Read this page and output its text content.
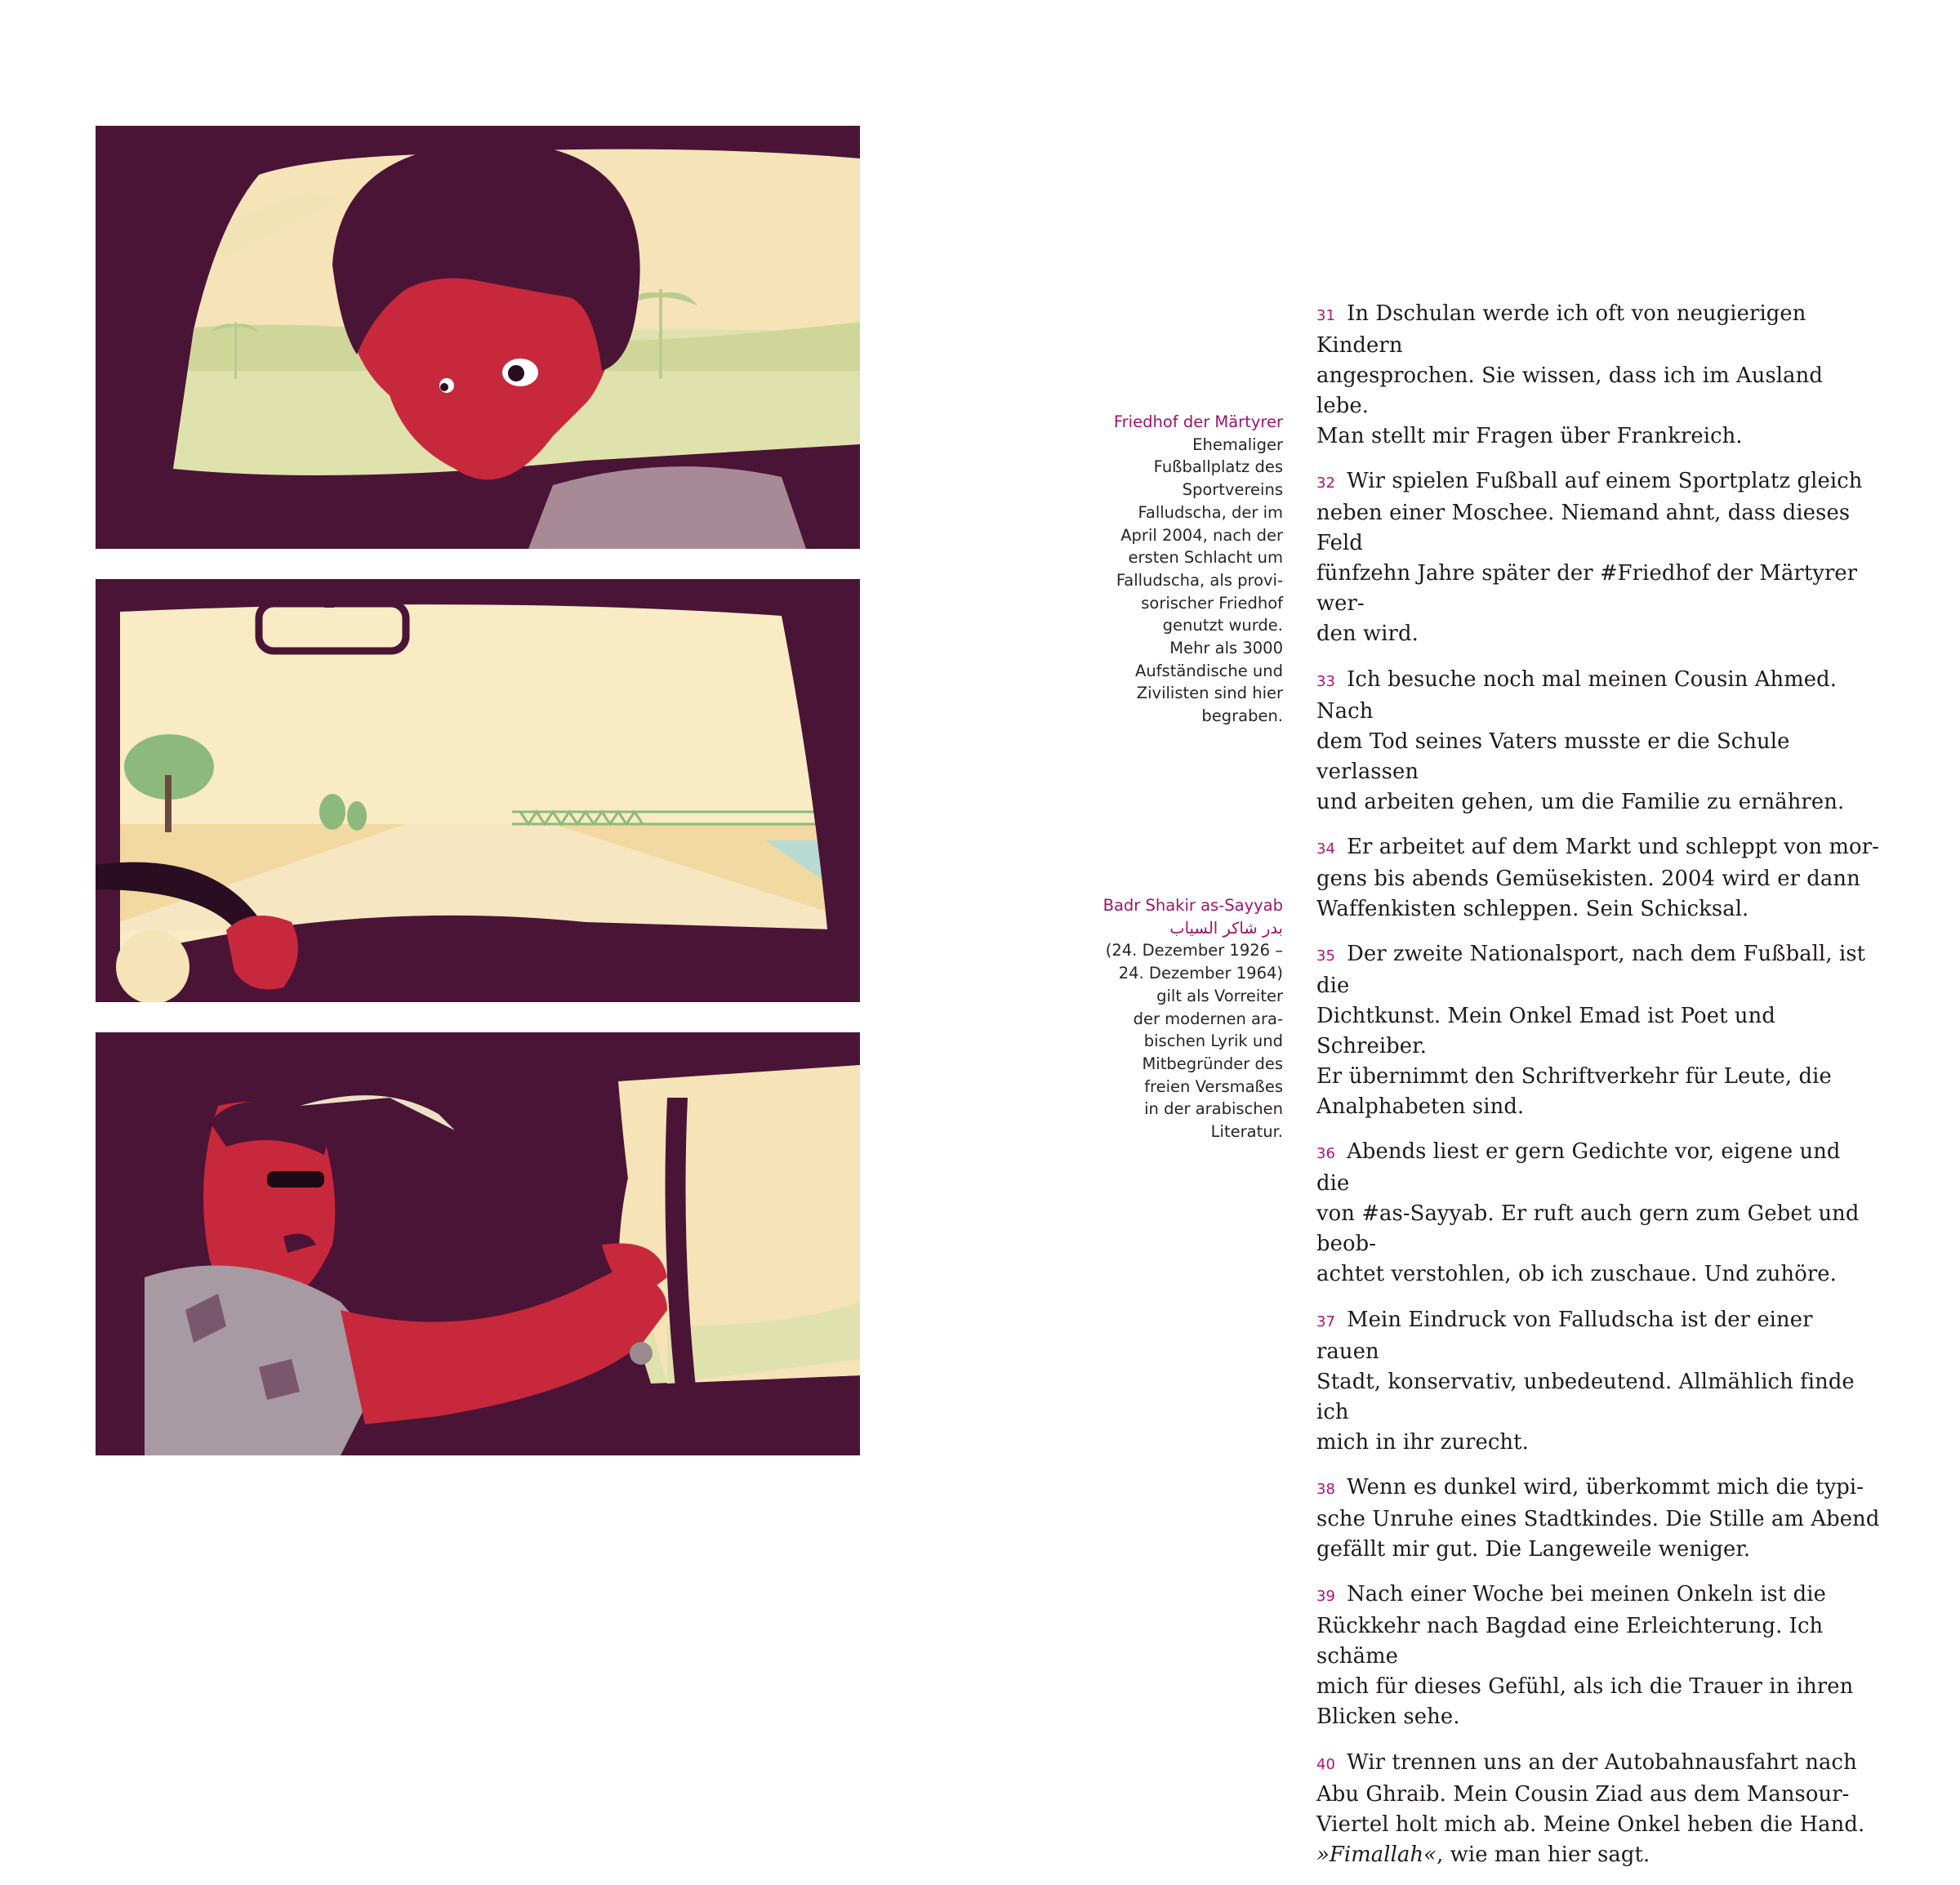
Friedhof der Märtyrer
Ehemaliger
Fußballplatz des
Sportvereins
Falludscha, der im
April 2004, nach der
ersten Schlacht um
Falludscha, als provi-
sorischer Friedhof
genutzt wurde.
Mehr als 3000
Aufständische und
Zivilisten sind hier
begraben.
Badr Shakir as-Sayyab
بدر شاكر السياب
(24. Dezember 1926 –
24. Dezember 1964)
gilt als Vorreiter
der modernen ara-
bischen Lyrik und
Mitbegründer des
freien Versmaßes
in der arabischen
Literatur.
31 In Dschulan werde ich oft von neugierigen Kindern
angesprochen. Sie wissen, dass ich im Ausland lebe.
Man stellt mir Fragen über Frankreich.
32 Wir spielen Fußball auf einem Sportplatz gleich
neben einer Moschee. Niemand ahnt, dass dieses Feld
fünfzehn Jahre später der #Friedhof der Märtyrer wer-
den wird.
33 Ich besuche noch mal meinen Cousin Ahmed. Nach
dem Tod seines Vaters musste er die Schule verlassen
und arbeiten gehen, um die Familie zu ernähren.
34 Er arbeitet auf dem Markt und schleppt von mor-
gens bis abends Gemüsekisten. 2004 wird er dann
Waffenkisten schleppen. Sein Schicksal.
35 Der zweite Nationalsport, nach dem Fußball, ist die
Dichtkunst. Mein Onkel Emad ist Poet und Schreiber.
Er übernimmt den Schriftverkehr für Leute, die
Analphabeten sind.
36 Abends liest er gern Gedichte vor, eigene und die
von #as-Sayyab. Er ruft auch gern zum Gebet und beob-
achtet verstohlen, ob ich zuschaue. Und zuhöre.
37 Mein Eindruck von Falludscha ist der einer rauen
Stadt, konservativ, unbedeutend. Allmählich finde ich
mich in ihr zurecht.
38 Wenn es dunkel wird, überkommt mich die typi-
sche Unruhe eines Stadtkindes. Die Stille am Abend
gefällt mir gut. Die Langeweile weniger.
39 Nach einer Woche bei meinen Onkeln ist die
Rückkehr nach Bagdad eine Erleichterung. Ich schäme
mich für dieses Gefühl, als ich die Trauer in ihren
Blicken sehe.
40 Wir trennen uns an der Autobahnausfahrt nach
Abu Ghraib. Mein Cousin Ziad aus dem Mansour-
Viertel holt mich ab. Meine Onkel heben die Hand.
»Fimallah«, wie man hier sagt.
